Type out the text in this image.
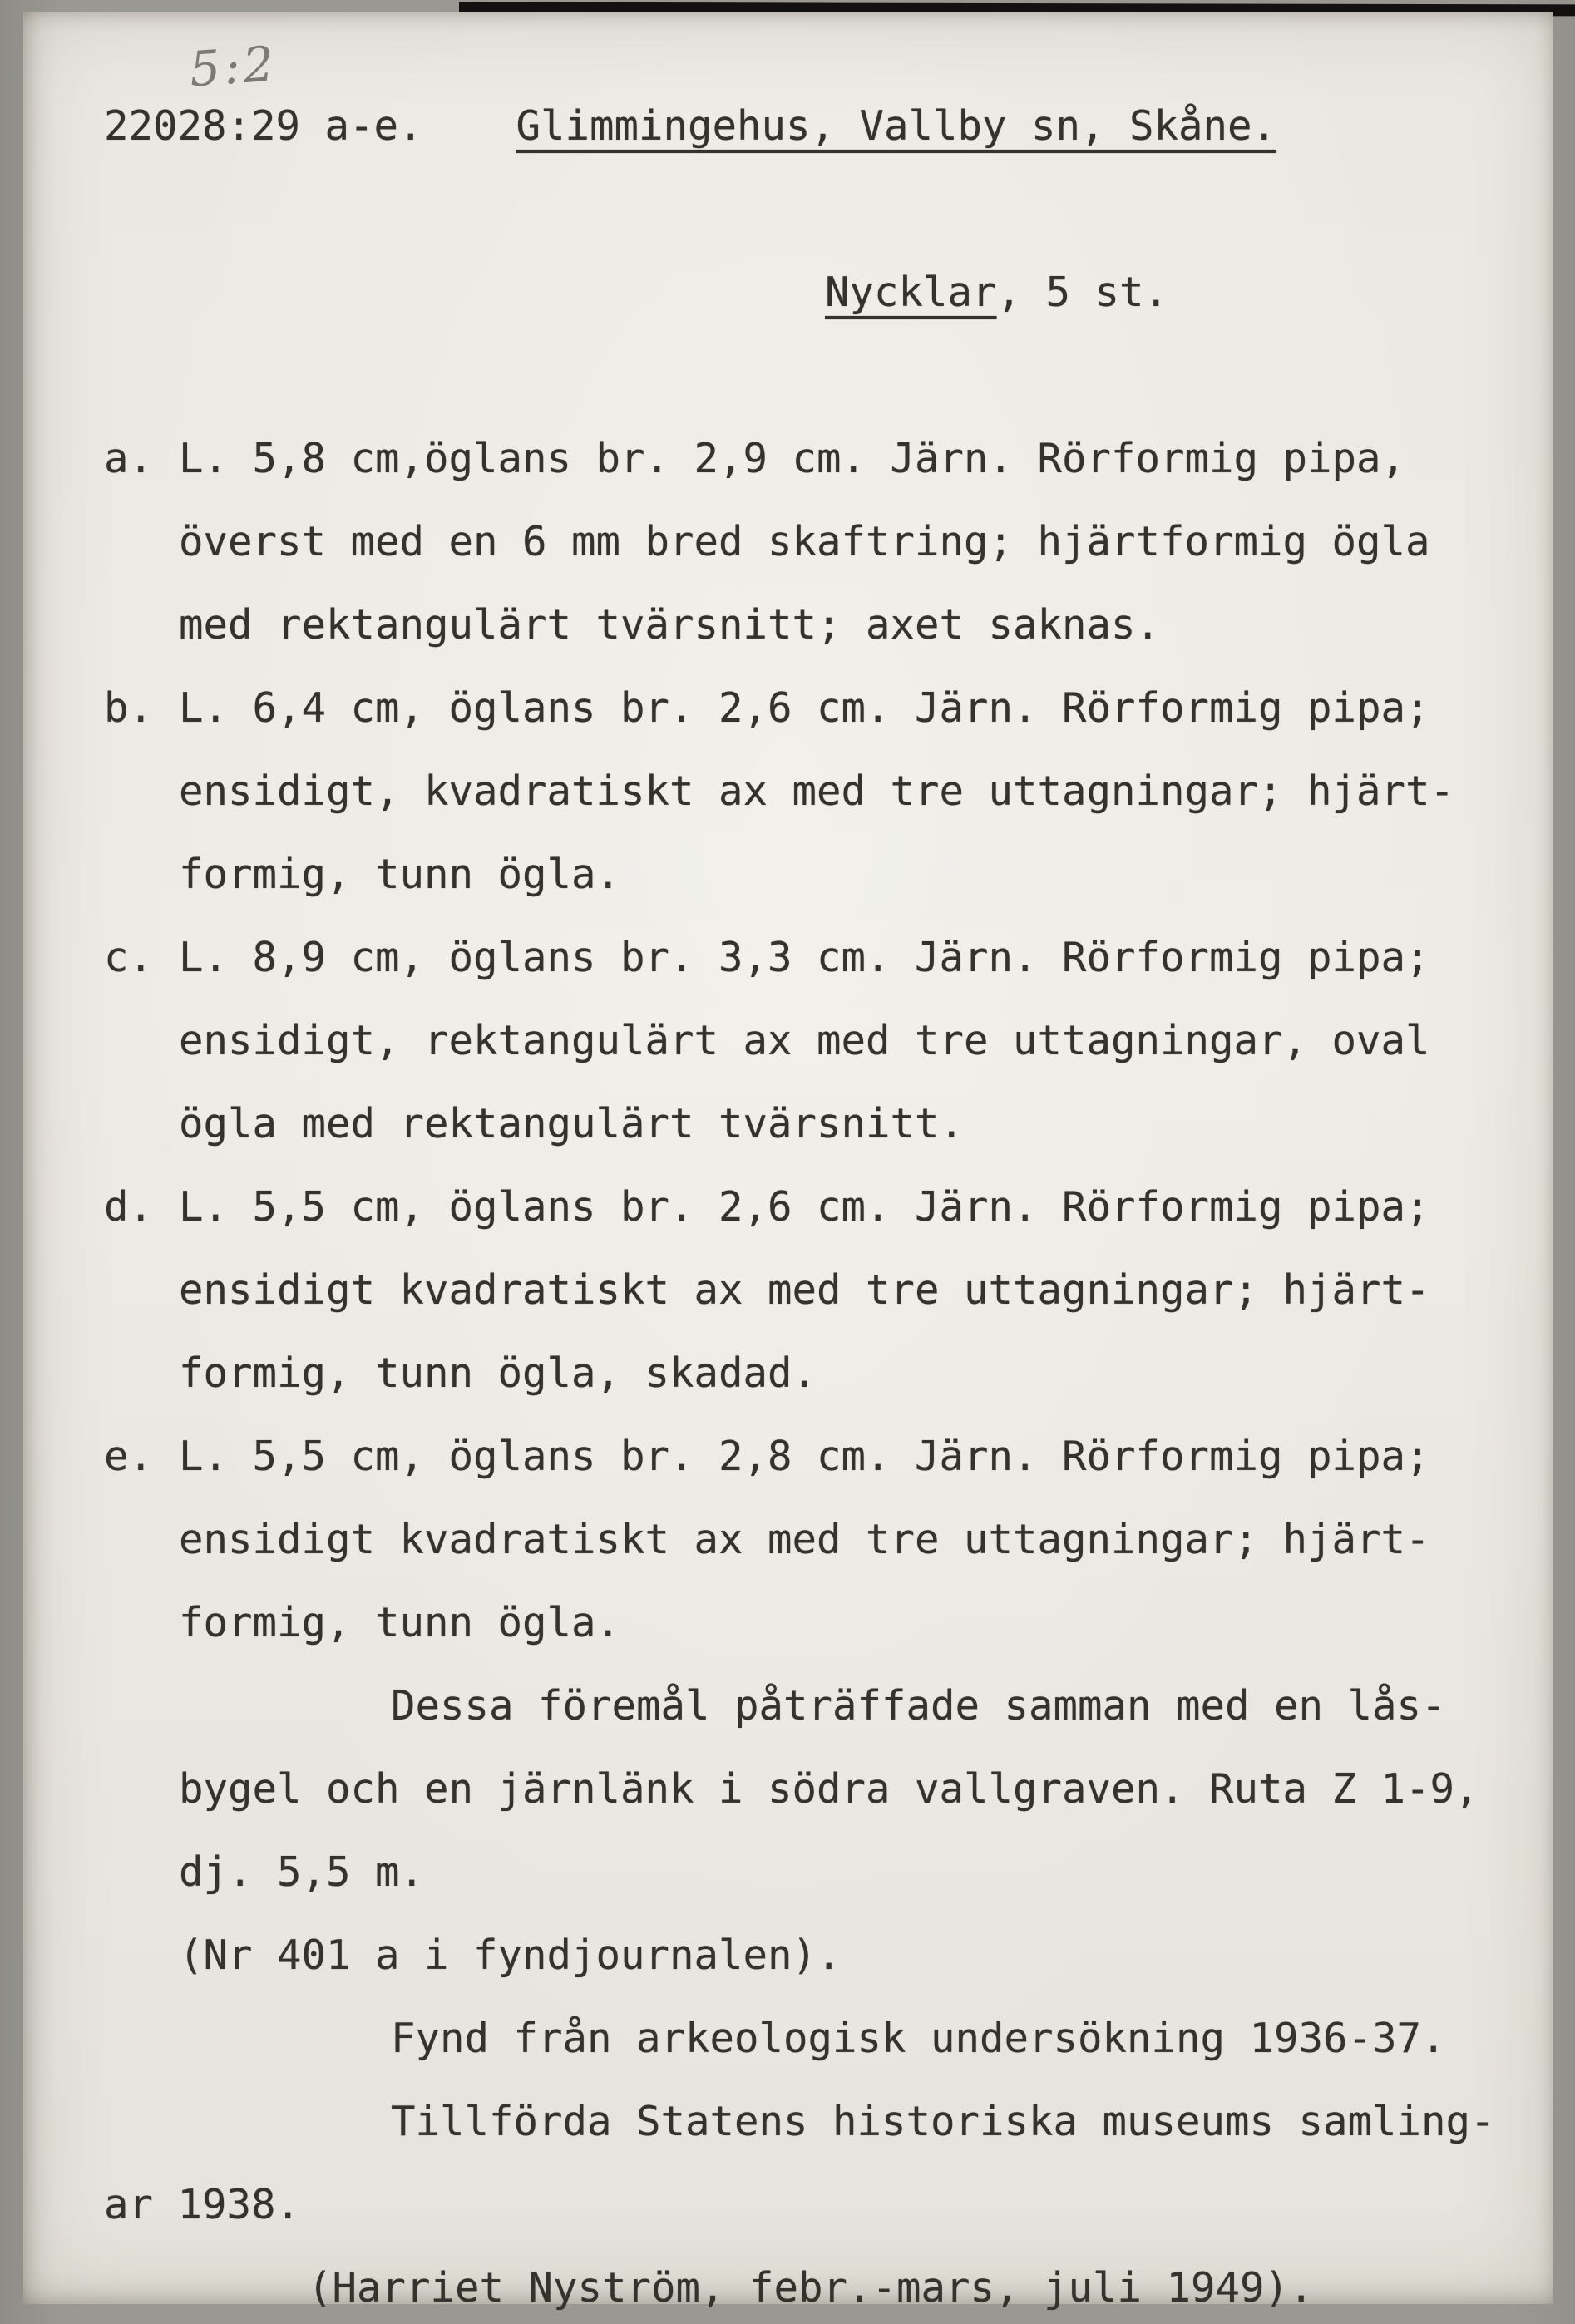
5:2
22028:29 a-e. Glimmingehus, Vallby sn, Skåne.

Nycklar, 5 st.

a. L. 5,8 cm,öglans br. 2,9 cm. Järn. Rörformig pipa,
överst med en 6 mm bred skaftring; hjärtformig ögla
med rektangulärt tvärsnitt; axet saknas.
b. L. 6,4 cm, öglans br. 2,6 cm. Järn. Rörformig pipa;
ensidigt, kvadratiskt ax med tre uttagningar; hjärt-
formig, tunn ögla.
c. L. 8,9 cm, öglans br. 3,3 cm. Järn. Rörformig pipa;
ensidigt, rektangulärt ax med tre uttagningar, oval
ögla med rektangulärt tvärsnitt.
d. L. 5,5 cm, öglans br. 2,6 cm. Järn. Rörformig pipa;
ensidigt kvadratiskt ax med tre uttagningar; hjärt-
formig, tunn ögla, skadad.
e. L. 5,5 cm, öglans br. 2,8 cm. Järn. Rörformig pipa;
ensidigt kvadratiskt ax med tre uttagningar; hjärt-
formig, tunn ögla.
Dessa föremål påträffade samman med en lås-
bygel och en järnlänk i södra vallgraven. Ruta Z 1-9,
dj. 5,5 m.
(Nr 401 a i fyndjournalen).
Fynd från arkeologisk undersökning 1936-37.
Tillförda Statens historiska museums samling-
ar 1938.
(Harriet Nyström, febr.-mars, juli 1949).
